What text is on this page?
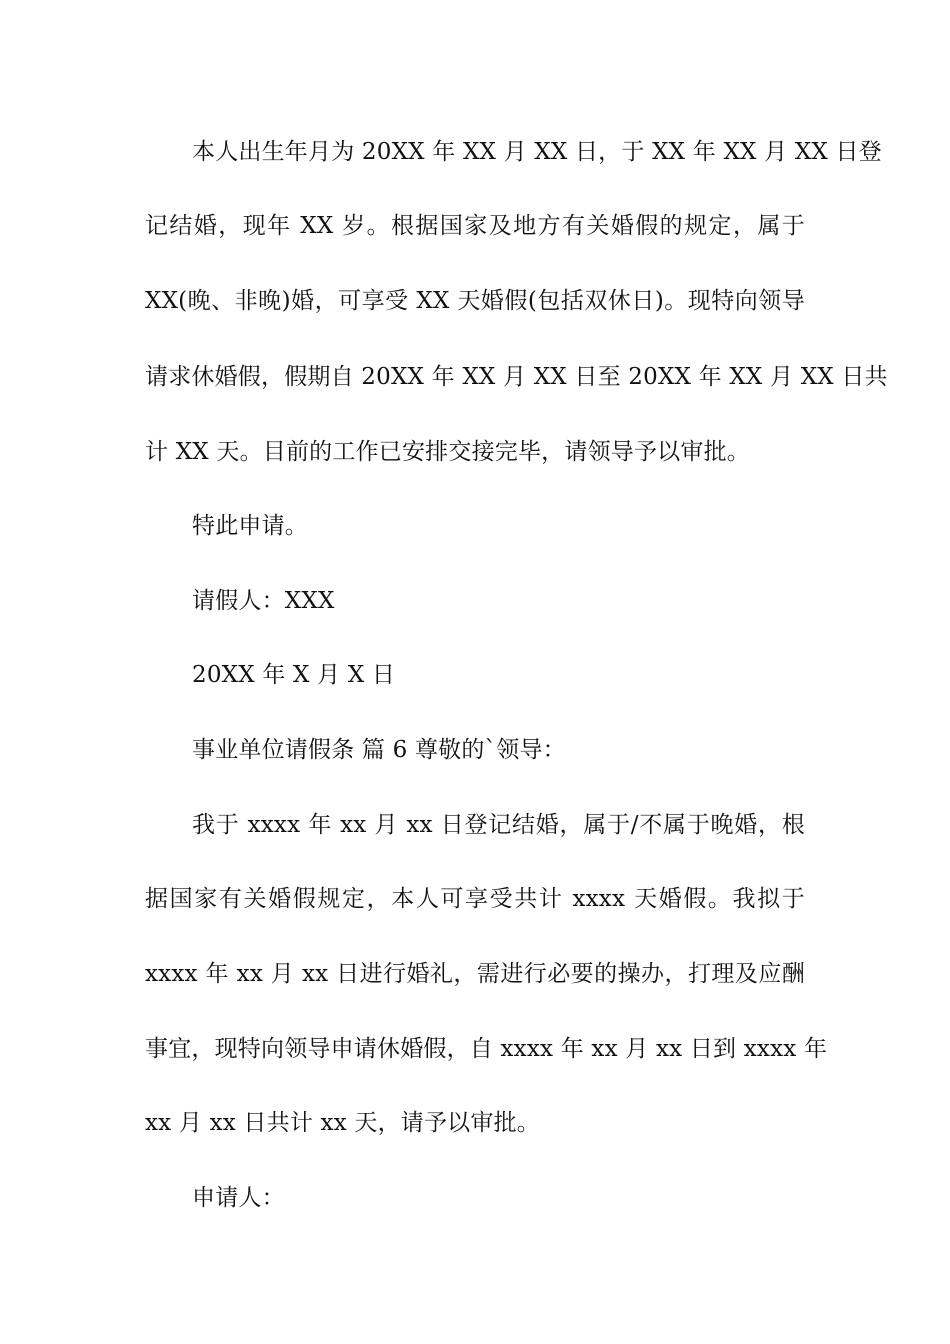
本人出生年月为 20XX 年 XX 月 XX 日，于 XX 年 XX 月 XX 日登
记结婚，现年 XX 岁。根据国家及地方有关婚假的规定，属于
XX(晚、非晚)婚，可享受 XX 天婚假(包括双休日)。现特向领导
请求休婚假，假期自 20XX 年 XX 月 XX 日至 20XX 年 XX 月 XX 日共
计 XX 天。目前的工作已安排交接完毕，请领导予以审批。
特此申请。
请假人：XXX
20XX 年 X 月 X 日
事业单位请假条 篇 6 尊敬的`领导：
我于 xxxx 年 xx 月 xx 日登记结婚，属于/不属于晚婚，根
据国家有关婚假规定，本人可享受共计 xxxx 天婚假。我拟于
xxxx 年 xx 月 xx 日进行婚礼，需进行必要的操办，打理及应酬
事宜，现特向领导申请休婚假，自 xxxx 年 xx 月 xx 日到 xxxx 年
xx 月 xx 日共计 xx 天，请予以审批。
申请人：
